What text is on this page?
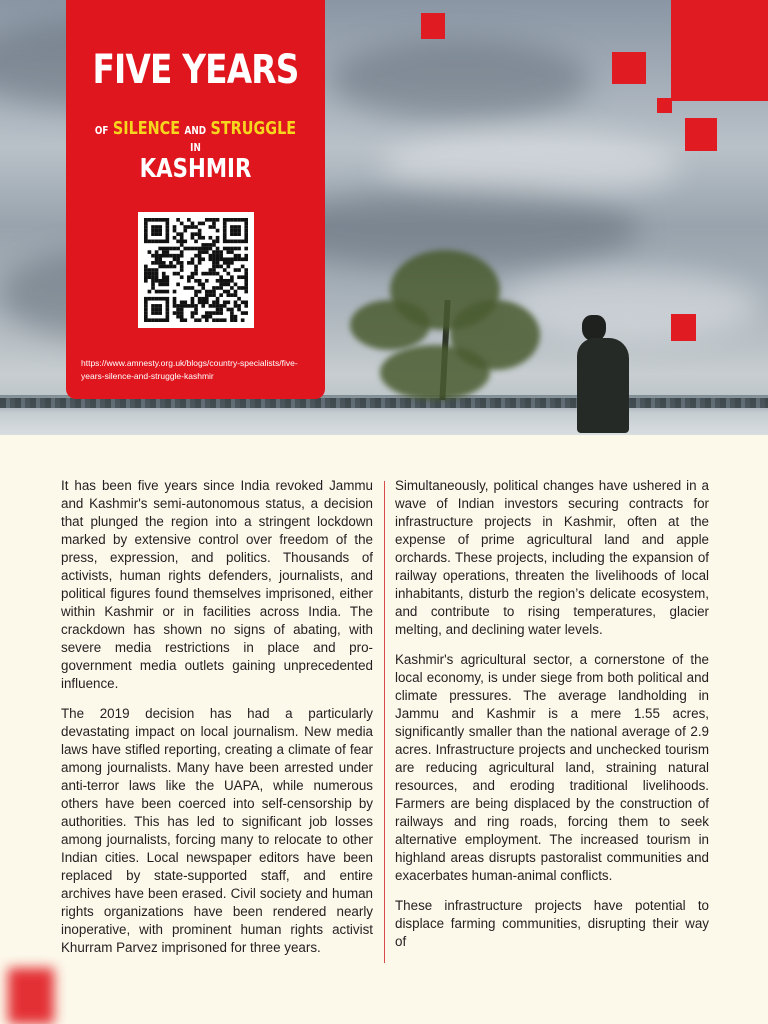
FIVE YEARS
OF SILENCE AND STRUGGLE IN
KASHMIR
https://www.amnesty.org.uk/blogs/country-specialists/five-years-silence-and-struggle-kashmir

It has been five years since India revoked Jammu and Kashmir's semi-autonomous status, a decision that plunged the region into a stringent lockdown marked by extensive control over freedom of the press, expression, and politics. Thousands of activists, human rights defenders, journalists, and political figures found themselves imprisoned, either within Kashmir or in facilities across India. The crackdown has shown no signs of abating, with severe media restrictions in place and pro-government media outlets gaining unprecedented influence.

The 2019 decision has had a particularly devastating impact on local journalism. New media laws have stifled reporting, creating a climate of fear among journalists. Many have been arrested under anti-terror laws like the UAPA, while numerous others have been coerced into self-censorship by authorities. This has led to significant job losses among journalists, forcing many to relocate to other Indian cities. Local newspaper editors have been replaced by state-supported staff, and entire archives have been erased. Civil society and human rights organizations have been rendered nearly inoperative, with prominent human rights activist Khurram Parvez imprisoned for three years.

Simultaneously, political changes have ushered in a wave of Indian investors securing contracts for infrastructure projects in Kashmir, often at the expense of prime agricultural land and apple orchards. These projects, including the expansion of railway operations, threaten the livelihoods of local inhabitants, disturb the region’s delicate ecosystem, and contribute to rising temperatures, glacier melting, and declining water levels.

Kashmir's agricultural sector, a cornerstone of the local economy, is under siege from both political and climate pressures. The average landholding in Jammu and Kashmir is a mere 1.55 acres, significantly smaller than the national average of 2.9 acres. Infrastructure projects and unchecked tourism are reducing agricultural land, straining natural resources, and eroding traditional livelihoods. Farmers are being displaced by the construction of railways and ring roads, forcing them to seek alternative employment. The increased tourism in highland areas disrupts pastoralist communities and exacerbates human-animal conflicts.

These infrastructure projects have potential to displace farming communities, disrupting their way of
